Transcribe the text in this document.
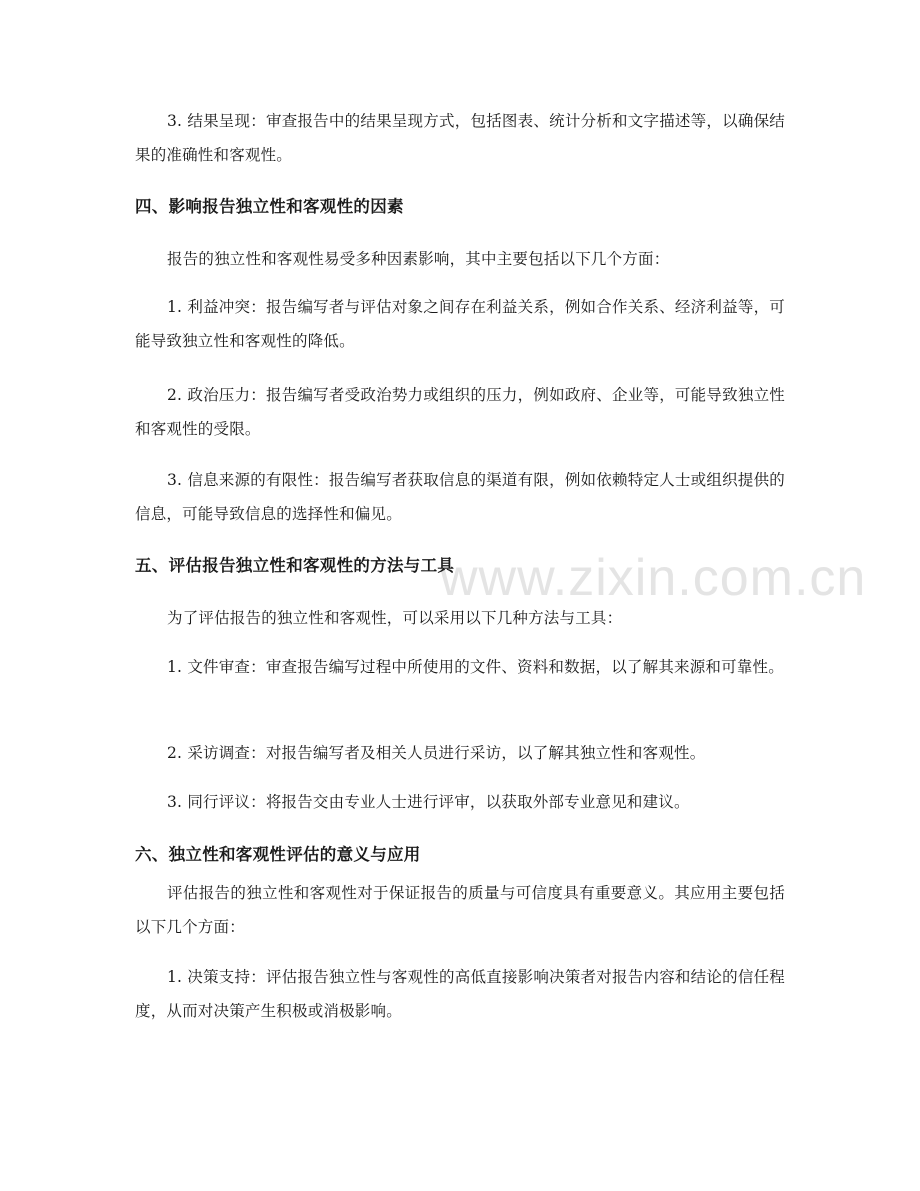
www.zixin.com.cn

3. 结果呈现：审查报告中的结果呈现方式，包括图表、统计分析和文字描述等，以确保结果的准确性和客观性。

四、影响报告独立性和客观性的因素

报告的独立性和客观性易受多种因素影响，其中主要包括以下几个方面：

1. 利益冲突：报告编写者与评估对象之间存在利益关系，例如合作关系、经济利益等，可能导致独立性和客观性的降低。

2. 政治压力：报告编写者受政治势力或组织的压力，例如政府、企业等，可能导致独立性和客观性的受限。

3. 信息来源的有限性：报告编写者获取信息的渠道有限，例如依赖特定人士或组织提供的信息，可能导致信息的选择性和偏见。

五、评估报告独立性和客观性的方法与工具

为了评估报告的独立性和客观性，可以采用以下几种方法与工具：

1. 文件审查：审查报告编写过程中所使用的文件、资料和数据，以了解其来源和可靠性。

2. 采访调查：对报告编写者及相关人员进行采访，以了解其独立性和客观性。

3. 同行评议：将报告交由专业人士进行评审，以获取外部专业意见和建议。

六、独立性和客观性评估的意义与应用

评估报告的独立性和客观性对于保证报告的质量与可信度具有重要意义。其应用主要包括以下几个方面：

1. 决策支持：评估报告独立性与客观性的高低直接影响决策者对报告内容和结论的信任程度，从而对决策产生积极或消极影响。
